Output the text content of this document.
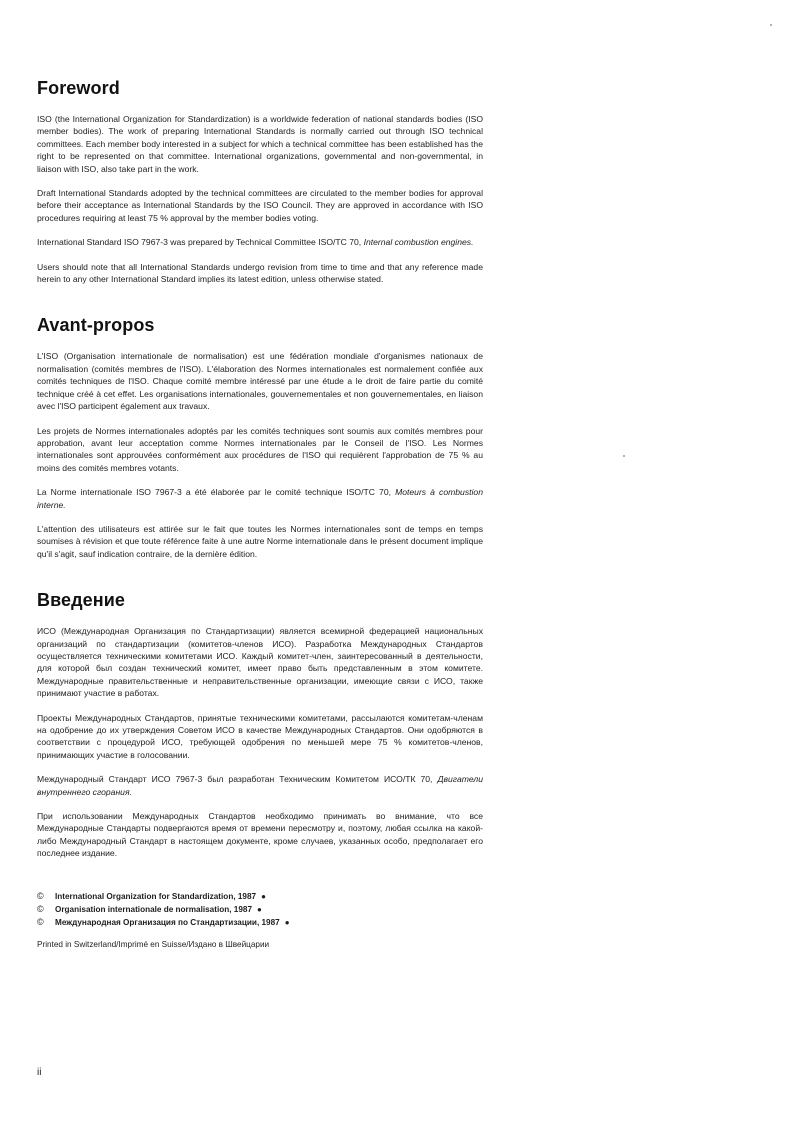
Foreword

ISO (the International Organization for Standardization) is a worldwide federation of national standards bodies (ISO member bodies). The work of preparing International Standards is normally carried out through ISO technical committees. Each member body interested in a subject for which a technical committee has been established has the right to be represented on that committee. International organizations, governmental and non-governmental, in liaison with ISO, also take part in the work.

Draft International Standards adopted by the technical committees are circulated to the member bodies for approval before their acceptance as International Standards by the ISO Council. They are approved in accordance with ISO procedures requiring at least 75 % approval by the member bodies voting.

International Standard ISO 7967-3 was prepared by Technical Committee ISO/TC 70, Internal combustion engines.

Users should note that all International Standards undergo revision from time to time and that any reference made herein to any other International Standard implies its latest edition, unless otherwise stated.

Avant-propos

L'ISO (Organisation internationale de normalisation) est une fédération mondiale d'organismes nationaux de normalisation (comités membres de l'ISO). L'élaboration des Normes internationales est normalement confiée aux comités techniques de l'ISO. Chaque comité membre intéressé par une étude a le droit de faire partie du comité technique créé à cet effet. Les organisations internationales, gouvernementales et non gouvernementales, en liaison avec l'ISO participent également aux travaux.

Les projets de Normes internationales adoptés par les comités techniques sont soumis aux comités membres pour approbation, avant leur acceptation comme Normes internationales par le Conseil de l'ISO. Les Normes internationales sont approuvées conformément aux procédures de l'ISO qui requièrent l'approbation de 75 % au moins des comités membres votants.

La Norme internationale ISO 7967-3 a été élaborée par le comité technique ISO/TC 70, Moteurs à combustion interne.

L'attention des utilisateurs est attirée sur le fait que toutes les Normes internationales sont de temps en temps soumises à révision et que toute référence faite à une autre Norme internationale dans le présent document implique qu'il s'agit, sauf indication contraire, de la dernière édition.

Введение

ИСО (Международная Организация по Стандартизации) является всемирной федерацией национальных организаций по стандартизации (комитетов-членов ИСО). Разработка Международных Стандартов осуществляется техническими комитетами ИСО. Каждый комитет-член, заинтересованный в деятельности, для которой был создан технический комитет, имеет право быть представленным в этом комитете. Международные правительственные и неправительственные организации, имеющие связи с ИСО, также принимают участие в работах.

Проекты Международных Стандартов, принятые техническими комитетами, рассылаются комитетам-членам на одобрение до их утверждения Советом ИСО в качестве Международных Стандартов. Они одобряются в соответствии с процедурой ИСО, требующей одобрения по меньшей мере 75 % комитетов-членов, принимающих участие в голосовании.

Международный Стандарт ИСО 7967-3 был разработан Техническим Комитетом ИСО/ТК 70, Двигатели внутреннего сгорания.

При использовании Международных Стандартов необходимо принимать во внимание, что все Международные Стандарты подвергаются время от времени пересмотру и, поэтому, любая ссылка на какой-либо Международный Стандарт в настоящем документе, кроме случаев, указанных особо, предполагает его последнее издание.

©	International Organization for Standardization, 1987 ●
©	Organisation internationale de normalisation, 1987 ●
©	Международная Организация по Стандартизации, 1987 ●
Printed in Switzerland/Imprimé en Suisse/Издано в Швейцарии
ii
